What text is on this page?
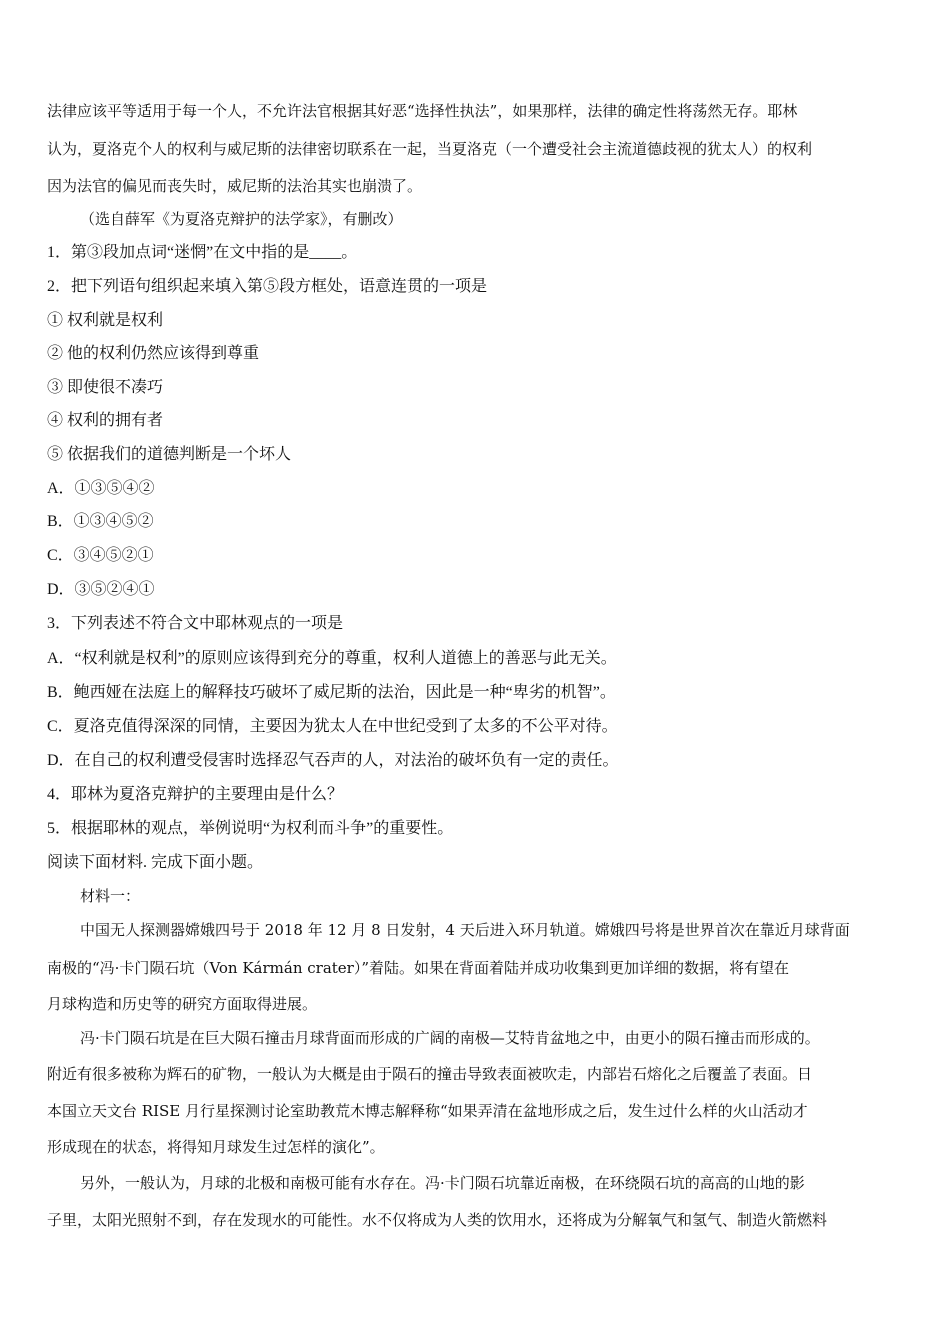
法律应该平等适用于每一个人，不允许法官根据其好恶“选择性执法”，如果那样，法律的确定性将荡然无存。耶林
认为，夏洛克个人的权利与威尼斯的法律密切联系在一起，当夏洛克（一个遭受社会主流道德歧视的犹太人）的权利
因为法官的偏见而丧失时，威尼斯的法治其实也崩溃了。
（选自薛军《为夏洛克辩护的法学家》，有删改）
1．第③段加点词“迷惘”在文中指的是____。
2．把下列语句组织起来填入第⑤段方框处，语意连贯的一项是
① 权利就是权利
② 他的权利仍然应该得到尊重
③ 即使很不凑巧
④ 权利的拥有者
⑤ 依据我们的道德判断是一个坏人
A．①③⑤④②
B．①③④⑤②
C．③④⑤②①
D．③⑤②④①
3．下列表述不符合文中耶林观点的一项是
A．“权利就是权利”的原则应该得到充分的尊重，权利人道德上的善恶与此无关。
B．鲍西娅在法庭上的解释技巧破坏了威尼斯的法治，因此是一种“卑劣的机智”。
C．夏洛克值得深深的同情，主要因为犹太人在中世纪受到了太多的不公平对待。
D．在自己的权利遭受侵害时选择忍气吞声的人，对法治的破坏负有一定的责任。
4．耶林为夏洛克辩护的主要理由是什么？
5．根据耶林的观点，举例说明“为权利而斗争”的重要性。
阅读下面材料. 完成下面小题。
材料一：
中国无人探测器嫦娥四号于 2018 年 12 月 8 日发射，4 天后进入环月轨道。嫦娥四号将是世界首次在靠近月球背面
南极的“冯·卡门陨石坑（Von Kármán crater）”着陆。如果在背面着陆并成功收集到更加详细的数据，将有望在
月球构造和历史等的研究方面取得进展。
冯·卡门陨石坑是在巨大陨石撞击月球背面而形成的广阔的南极—艾特肯盆地之中，由更小的陨石撞击而形成的。
附近有很多被称为辉石的矿物，一般认为大概是由于陨石的撞击导致表面被吹走，内部岩石熔化之后覆盖了表面。日
本国立天文台 RISE 月行星探测讨论室助教荒木博志解释称“如果弄清在盆地形成之后，发生过什么样的火山活动才
形成现在的状态，将得知月球发生过怎样的演化”。
另外，一般认为，月球的北极和南极可能有水存在。冯·卡门陨石坑靠近南极，在环绕陨石坑的高高的山地的影
子里，太阳光照射不到，存在发现水的可能性。水不仅将成为人类的饮用水，还将成为分解氧气和氢气、制造火箭燃料
